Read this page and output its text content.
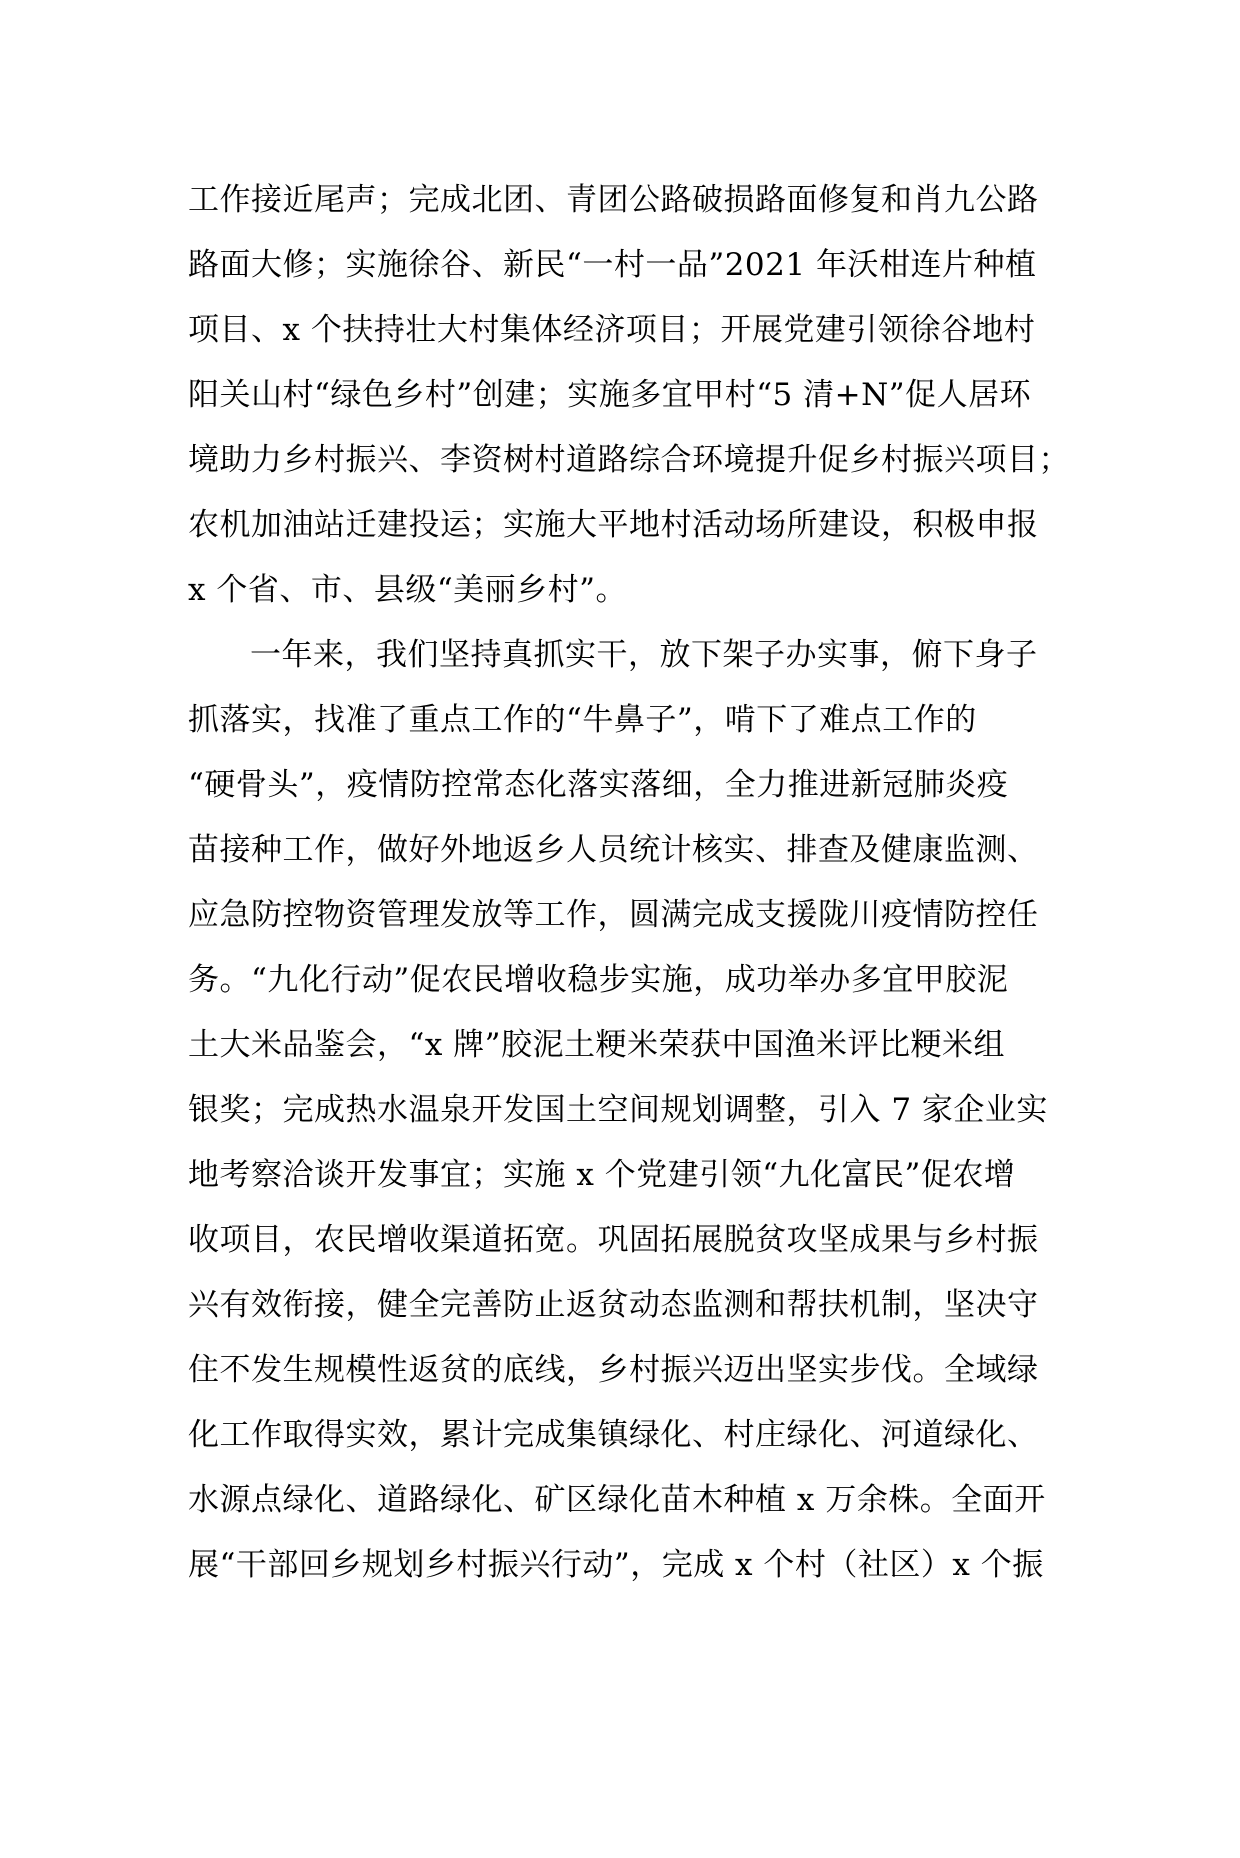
工作接近尾声；完成北团、青团公路破损路面修复和肖九公路
路面大修；实施徐谷、新民“一村一品”2021 年沃柑连片种植
项目、x 个扶持壮大村集体经济项目；开展党建引领徐谷地村
阳关山村“绿色乡村”创建；实施多宜甲村“5 清+N”促人居环
境助力乡村振兴、李资树村道路综合环境提升促乡村振兴项目；
农机加油站迁建投运；实施大平地村活动场所建设，积极申报
x 个省、市、县级“美丽乡村”。
一年来，我们坚持真抓实干，放下架子办实事，俯下身子
抓落实，找准了重点工作的“牛鼻子”，啃下了难点工作的
“硬骨头”，疫情防控常态化落实落细，全力推进新冠肺炎疫
苗接种工作，做好外地返乡人员统计核实、排查及健康监测、
应急防控物资管理发放等工作，圆满完成支援陇川疫情防控任
务。“九化行动”促农民增收稳步实施，成功举办多宜甲胶泥
土大米品鉴会，“x 牌”胶泥土粳米荣获中国渔米评比粳米组
银奖；完成热水温泉开发国土空间规划调整，引入 7 家企业实
地考察洽谈开发事宜；实施 x 个党建引领“九化富民”促农增
收项目，农民增收渠道拓宽。巩固拓展脱贫攻坚成果与乡村振
兴有效衔接，健全完善防止返贫动态监测和帮扶机制，坚决守
住不发生规模性返贫的底线，乡村振兴迈出坚实步伐。全域绿
化工作取得实效，累计完成集镇绿化、村庄绿化、河道绿化、
水源点绿化、道路绿化、矿区绿化苗木种植 x 万余株。全面开
展“干部回乡规划乡村振兴行动”，完成 x 个村（社区）x 个振
